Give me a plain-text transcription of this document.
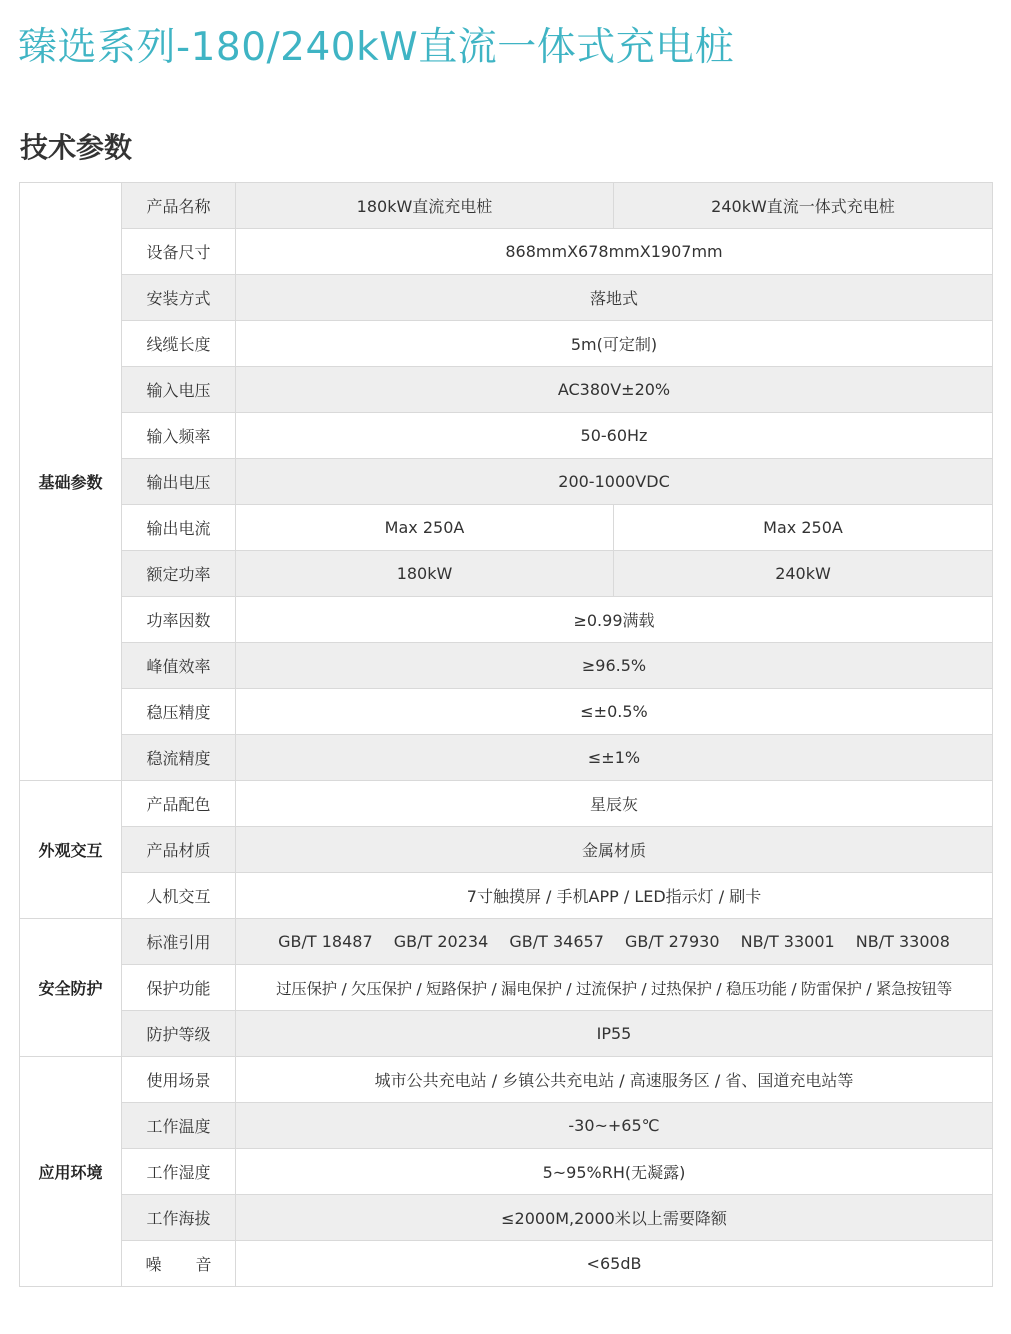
臻选系列-180/240kW直流一体式充电桩
技术参数
基础参数	产品名称	180kW直流充电桩	240kW直流一体式充电桩
	设备尺寸	868mmX678mmX1907mm	
	安装方式	落地式	
	线缆长度	5m(可定制)	
	输入电压	AC380V±20%	
	输入频率	50-60Hz	
	输出电压	200-1000VDC	
	输出电流	Max 250A	Max 250A
	额定功率	180kW	240kW
	功率因数	≥0.99满载	
	峰值效率	≥96.5%	
	稳压精度	≤±0.5%	
	稳流精度	≤±1%	
外观交互	产品配色	星辰灰	
	产品材质	金属材质	
	人机交互	7寸触摸屏 / 手机APP / LED指示灯 / 刷卡	
安全防护	标准引用	GB/T 18487 GB/T 20234 GB/T 34657 GB/T 27930 NB/T 33001 NB/T 33008	
	保护功能	过压保护 / 欠压保护 / 短路保护 / 漏电保护 / 过流保护 / 过热保护 / 稳压功能 / 防雷保护 / 紧急按钮等	
	防护等级	IP55	
应用环境	使用场景	城市公共充电站 / 乡镇公共充电站 / 高速服务区 / 省、国道充电站等	
	工作温度	-30~+65℃	
	工作湿度	5~95%RH(无凝露)	
	工作海拔	≤2000M,2000米以上需要降额	
	噪 音	<65dB	
